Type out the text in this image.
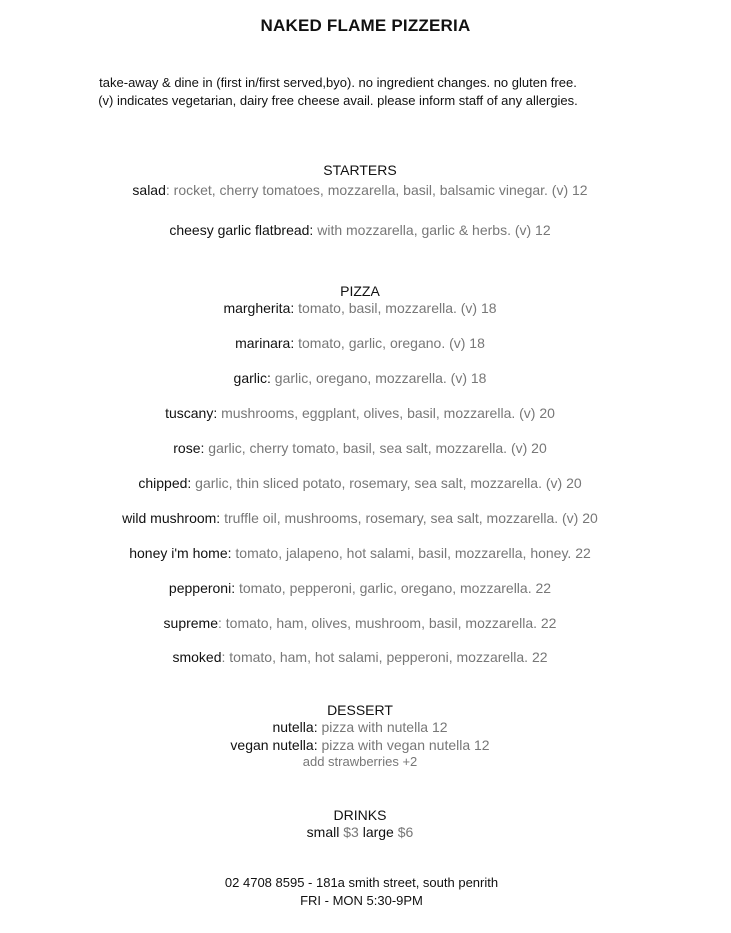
NAKED FLAME PIZZERIA
take-away & dine in (first in/first served,byo). no ingredient changes. no gluten free.
(v) indicates vegetarian, dairy free cheese avail. please inform staff of any allergies.
STARTERS
salad: rocket, cherry tomatoes, mozzarella, basil, balsamic vinegar. (v) 12
cheesy garlic flatbread: with mozzarella, garlic & herbs. (v) 12
PIZZA
margherita: tomato, basil, mozzarella. (v) 18
marinara: tomato, garlic, oregano. (v) 18
garlic: garlic, oregano, mozzarella. (v) 18
tuscany: mushrooms, eggplant, olives, basil, mozzarella. (v) 20
rose: garlic, cherry tomato, basil, sea salt, mozzarella. (v) 20
chipped: garlic, thin sliced potato, rosemary, sea salt, mozzarella. (v) 20
wild mushroom: truffle oil, mushrooms, rosemary, sea salt, mozzarella. (v) 20
honey i'm home: tomato, jalapeno, hot salami, basil, mozzarella, honey. 22
pepperoni: tomato, pepperoni, garlic, oregano, mozzarella. 22
supreme: tomato, ham, olives, mushroom, basil, mozzarella. 22
smoked: tomato, ham, hot salami, pepperoni, mozzarella. 22
DESSERT
nutella: pizza with nutella 12
vegan nutella: pizza with vegan nutella 12
add strawberries +2
DRINKS
small $3 large $6
02 4708 8595 - 181a smith street, south penrith
FRI - MON 5:30-9PM
